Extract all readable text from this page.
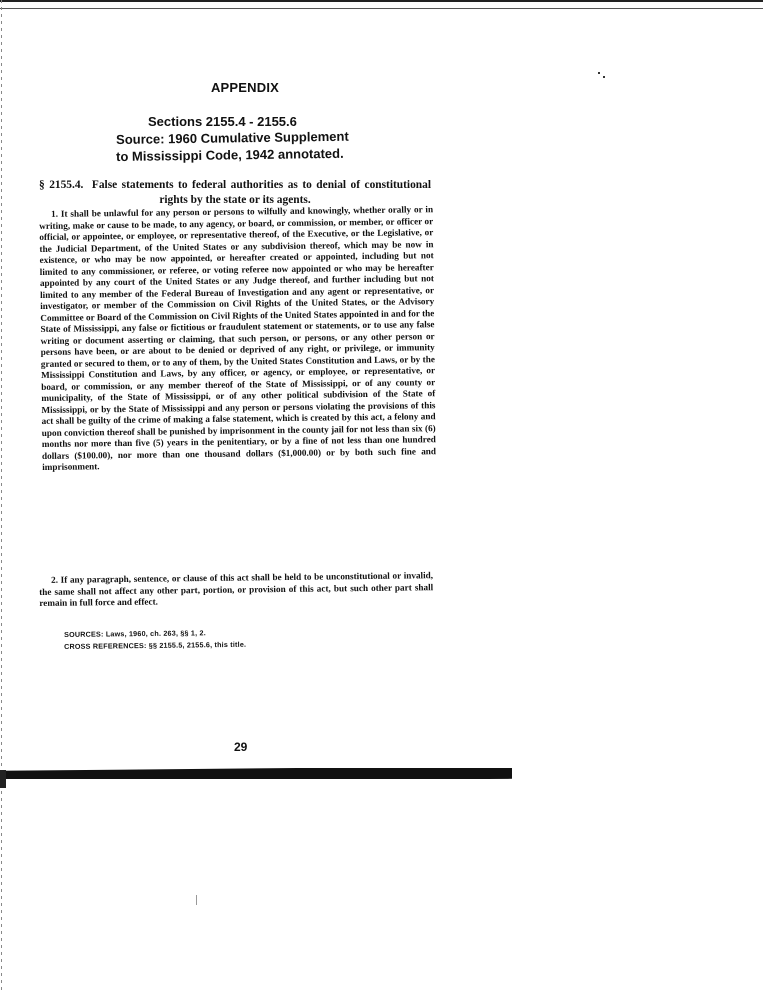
APPENDIX
Sections 2155.4 - 2155.6
Source: 1960 Cumulative Supplement
to Mississippi Code, 1942 annotated.
§ 2155.4. False statements to federal authorities as to denial of constitutional rights by the state or its agents.
1. It shall be unlawful for any person or persons to wilfully and knowingly, whether orally or in writing, make or cause to be made, to any agency, or board, or commission, or member, or officer or official, or appointee, or employee, or representative thereof, of the Executive, or the Legislative, or the Judicial Department, of the United States or any subdivision thereof, which may be now in existence, or who may be now appointed, or hereafter created or appointed, including but not limited to any commissioner, or referee, or voting referee now appointed or who may be hereafter appointed by any court of the United States or any Judge thereof, and further including but not limited to any member of the Federal Bureau of Investigation and any agent or representative, or investigator, or member of the Commission on Civil Rights of the United States, or the Advisory Committee or Board of the Commission on Civil Rights of the United States appointed in and for the State of Mississippi, any false or fictitious or fraudulent statement or statements, or to use any false writing or document asserting or claiming, that such person, or persons, or any other person or persons have been, or are about to be denied or deprived of any right, or privilege, or immunity granted or secured to them, or to any of them, by the United States Constitution and Laws, or by the Mississippi Constitution and Laws, by any officer, or agency, or employee, or representative, or board, or commission, or any member thereof of the State of Mississippi, or of any county or municipality, of the State of Mississippi, or of any other political subdivision of the State of Mississippi, or by the State of Mississippi and any person or persons violating the provisions of this act shall be guilty of the crime of making a false statement, which is created by this act, a felony and upon conviction thereof shall be punished by imprisonment in the county jail for not less than six (6) months nor more than five (5) years in the penitentiary, or by a fine of not less than one hundred dollars ($100.00), nor more than one thousand dollars ($1,000.00) or by both such fine and imprisonment.
2. If any paragraph, sentence, or clause of this act shall be held to be unconstitutional or invalid, the same shall not affect any other part, portion, or provision of this act, but such other part shall remain in full force and effect.
SOURCES: Laws, 1960, ch. 263, §§ 1, 2.
CROSS REFERENCES: §§ 2155.5, 2155.6, this title.
29
